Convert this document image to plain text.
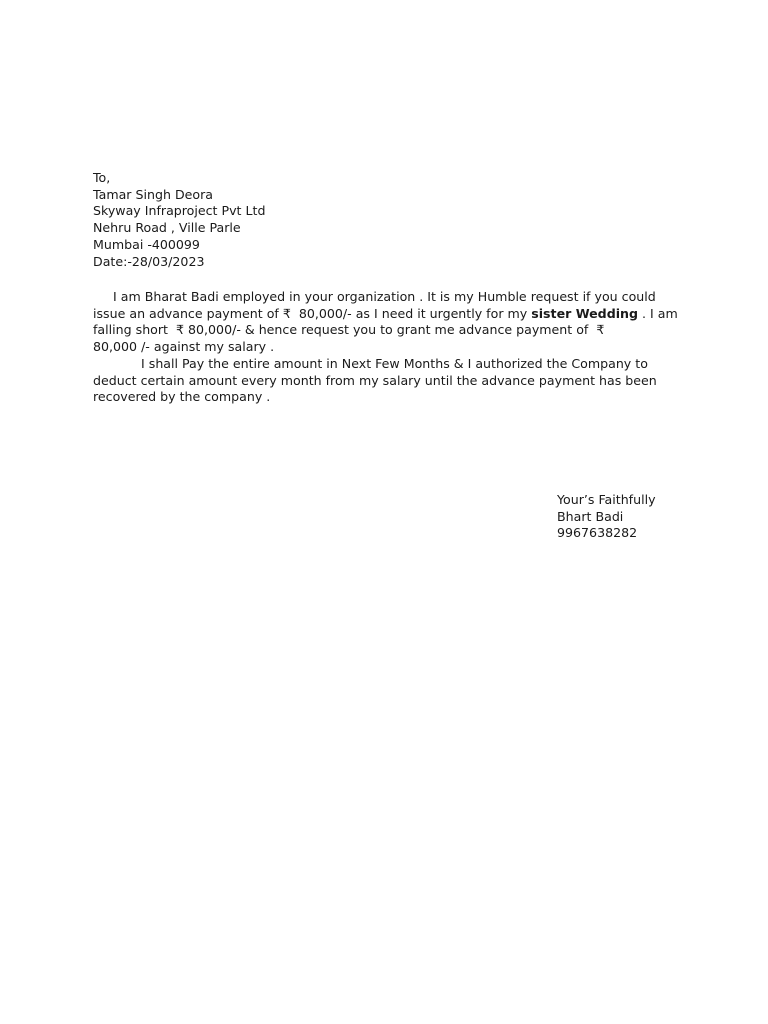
To,
Tamar Singh Deora
Skyway Infraproject Pvt Ltd
Nehru Road , Ville Parle
Mumbai -400099
Date:-28/03/2023
I am Bharat Badi employed in your organization . It is my Humble request if you could
issue an advance payment of ₹  80,000/- as I need it urgently for my sister Wedding . I am
falling short  ₹ 80,000/- & hence request you to grant me advance payment of  ₹
80,000 /- against my salary .
I shall Pay the entire amount in Next Few Months & I authorized the Company to
deduct certain amount every month from my salary until the advance payment has been
recovered by the company .
Your’s Faithfully
Bhart Badi
9967638282
